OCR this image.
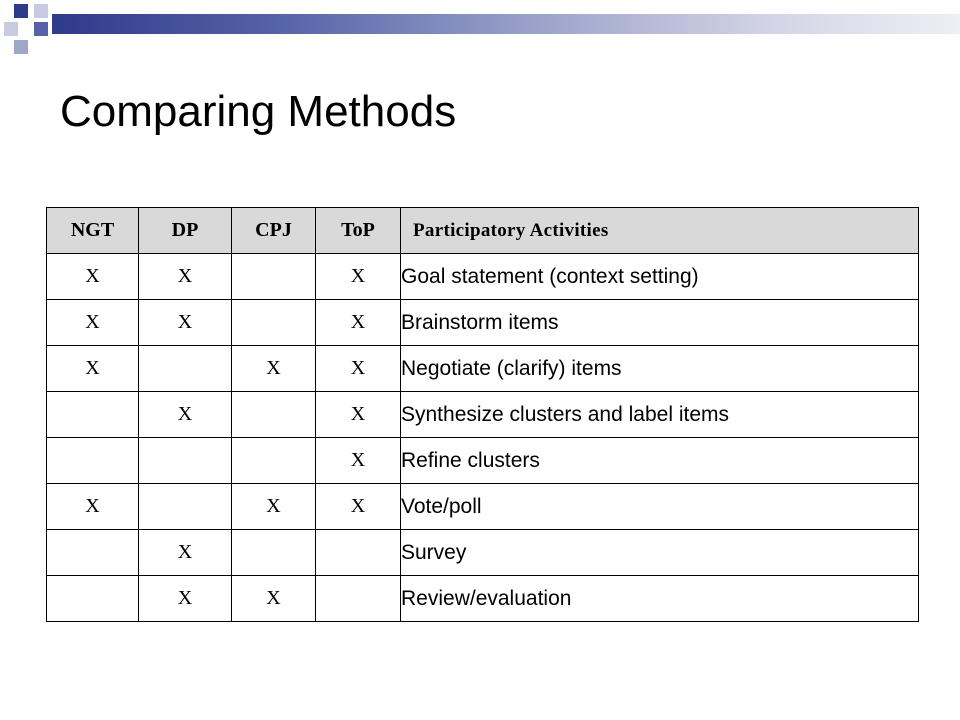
Comparing Methods
NGT	DP	CPJ	ToP	Participatory Activities
X	X		X	Goal statement (context setting)
X	X		X	Brainstorm items
X		X	X	Negotiate (clarify) items
	X		X	Synthesize clusters and label items
			X	Refine clusters
X		X	X	Vote/poll
	X			Survey
	X	X		Review/evaluation
